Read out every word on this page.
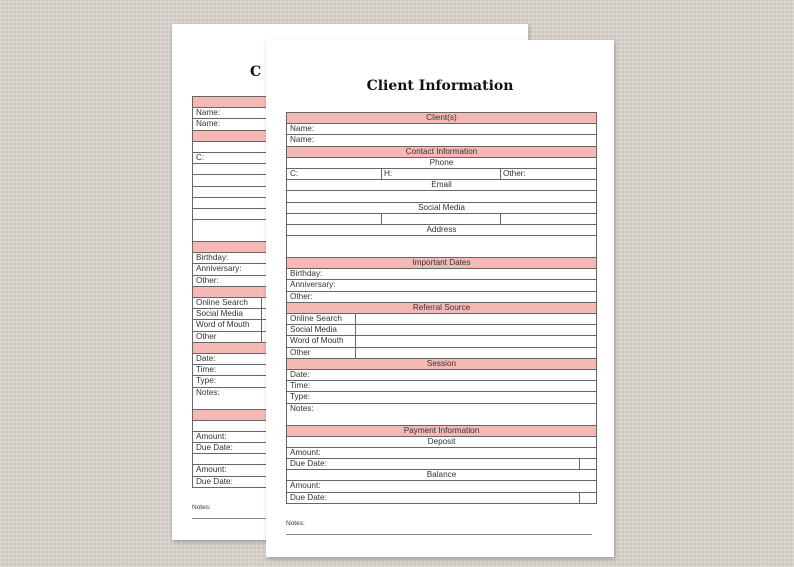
C
Name:
Name:
C:
Birthday:
Anniversary:
Other:
Online Search
Social Media
Word of Mouth
Other
Date:
Time:
Type:
Notes:
Amount:
Due Date:
Amount:
Due Date:
Notes:
Client Information
Client(s)
Name:
Name:
Contact Information
Phone
C:	H:	Other:
Email
Social Media
Address
Important Dates
Birthday:
Anniversary:
Other:
Referral Source
Online Search
Social Media
Word of Mouth
Other
Session
Date:
Time:
Type:
Notes:
Payment Information
Deposit
Amount:
Due Date:
Balance
Amount:
Due Date:
Notes:
